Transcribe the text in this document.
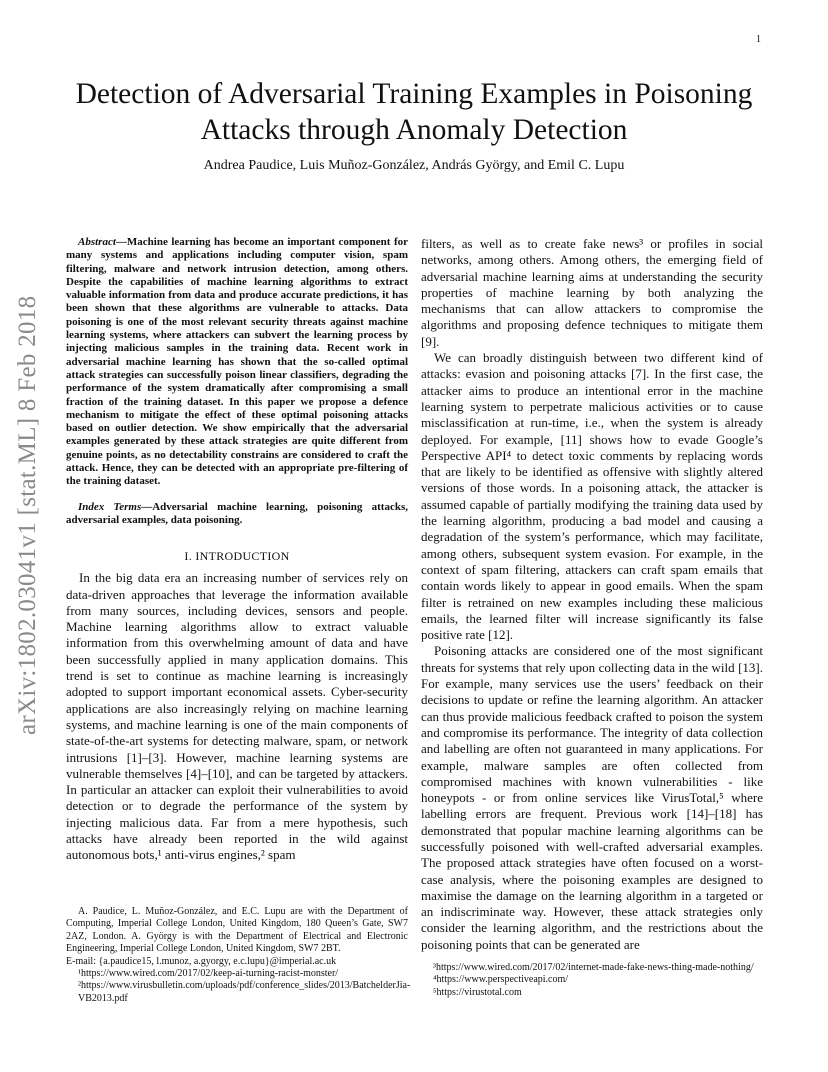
1
arXiv:1802.03041v1 [stat.ML] 8 Feb 2018
Detection of Adversarial Training Examples in Poisoning Attacks through Anomaly Detection
Andrea Paudice, Luis Muñoz-González, András György, and Emil C. Lupu

Abstract—Machine learning has become an important component for many systems and applications including computer vision, spam filtering, malware and network intrusion detection, among others. Despite the capabilities of machine learning algorithms to extract valuable information from data and produce accurate predictions, it has been shown that these algorithms are vulnerable to attacks. Data poisoning is one of the most relevant security threats against machine learning systems, where attackers can subvert the learning process by injecting malicious samples in the training data. Recent work in adversarial machine learning has shown that the so-called optimal attack strategies can successfully poison linear classifiers, degrading the performance of the system dramatically after compromising a small fraction of the training dataset. In this paper we propose a defence mechanism to mitigate the effect of these optimal poisoning attacks based on outlier detection. We show empirically that the adversarial examples generated by these attack strategies are quite different from genuine points, as no detectability constrains are considered to craft the attack. Hence, they can be detected with an appropriate pre-filtering of the training dataset.

Index Terms—Adversarial machine learning, poisoning attacks, adversarial examples, data poisoning.

I. INTRODUCTION

In the big data era an increasing number of services rely on data-driven approaches that leverage the information available from many sources, including devices, sensors and people. Machine learning algorithms allow to extract valuable information from this overwhelming amount of data and have been successfully applied in many application domains. This trend is set to continue as machine learning is increasingly adopted to support important economical assets. Cyber-security applications are also increasingly relying on machine learning systems, and machine learning is one of the main components of state-of-the-art systems for detecting malware, spam, or network intrusions [1]–[3]. However, machine learning systems are vulnerable themselves [4]–[10], and can be targeted by attackers. In particular an attacker can exploit their vulnerabilities to avoid detection or to degrade the performance of the system by injecting malicious data. Far from a mere hypothesis, such attacks have already been reported in the wild against autonomous bots,¹ anti-virus engines,² spam

A. Paudice, L. Muñoz-González, and E.C. Lupu are with the Department of Computing, Imperial College London, United Kingdom, 180 Queen’s Gate, SW7 2AZ, London. A. György is with the Department of Electrical and Electronic Engineering, Imperial College London, United Kingdom, SW7 2BT.

E-mail: {a.paudice15, l.munoz, a.gyorgy, e.c.lupu}@imperial.ac.uk

¹https://www.wired.com/2017/02/keep-ai-turning-racist-monster/

²https://www.virusbulletin.com/uploads/pdf/conference_slides/2013/BatchelderJia-VB2013.pdf

filters, as well as to create fake news³ or profiles in social networks, among others. Among others, the emerging field of adversarial machine learning aims at understanding the security properties of machine learning by both analyzing the mechanisms that can allow attackers to compromise the algorithms and proposing defence techniques to mitigate them [9].

We can broadly distinguish between two different kind of attacks: evasion and poisoning attacks [7]. In the first case, the attacker aims to produce an intentional error in the machine learning system to perpetrate malicious activities or to cause misclassification at run-time, i.e., when the system is already deployed. For example, [11] shows how to evade Google’s Perspective API⁴ to detect toxic comments by replacing words that are likely to be identified as offensive with slightly altered versions of those words. In a poisoning attack, the attacker is assumed capable of partially modifying the training data used by the learning algorithm, producing a bad model and causing a degradation of the system’s performance, which may facilitate, among others, subsequent system evasion. For example, in the context of spam filtering, attackers can craft spam emails that contain words likely to appear in good emails. When the spam filter is retrained on new examples including these malicious emails, the learned filter will increase significantly its false positive rate [12].

Poisoning attacks are considered one of the most significant threats for systems that rely upon collecting data in the wild [13]. For example, many services use the users’ feedback on their decisions to update or refine the learning algorithm. An attacker can thus provide malicious feedback crafted to poison the system and compromise its performance. The integrity of data collection and labelling are often not guaranteed in many applications. For example, malware samples are often collected from compromised machines with known vulnerabilities - like honeypots - or from online services like VirusTotal,⁵ where labelling errors are frequent. Previous work [14]–[18] has demonstrated that popular machine learning algorithms can be successfully poisoned with well-crafted adversarial examples. The proposed attack strategies have often focused on a worst-case analysis, where the poisoning examples are designed to maximise the damage on the learning algorithm in a targeted or an indiscriminate way. However, these attack strategies only consider the learning algorithm, and the restrictions about the poisoning points that can be generated are

³https://www.wired.com/2017/02/internet-made-fake-news-thing-made-nothing/

⁴https://www.perspectiveapi.com/

⁵https://virustotal.com
